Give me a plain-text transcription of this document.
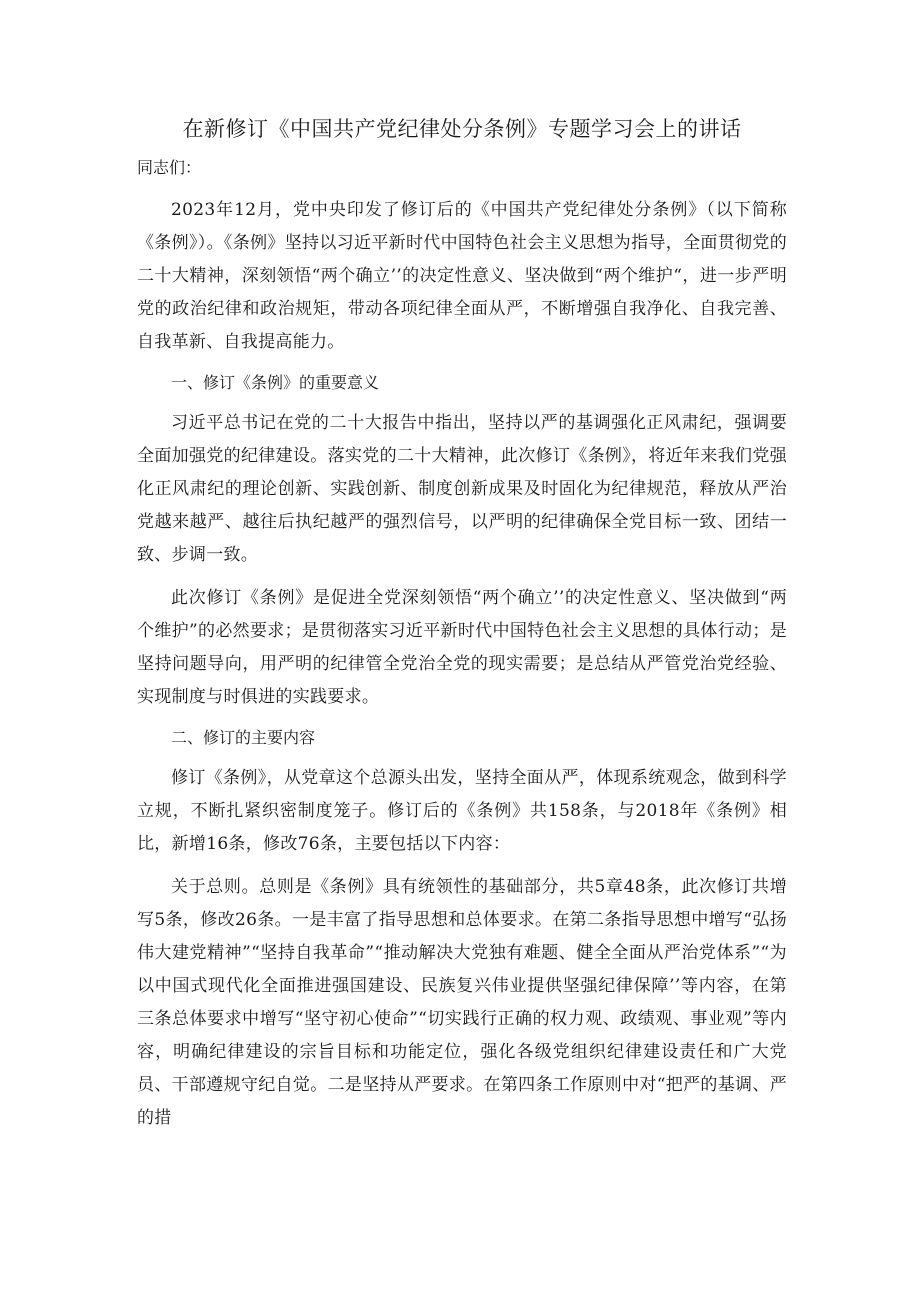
在新修订《中国共产党纪律处分条例》专题学习会上的讲话

同志们：

2023年12月，党中央印发了修订后的《中国共产党纪律处分条例》（以下简称《条例》）。《条例》坚持以习近平新时代中国特色社会主义思想为指导，全面贯彻党的二十大精神，深刻领悟“两个确立’’的决定性意义、坚决做到“两个维护“，进一步严明党的政治纪律和政治规矩，带动各项纪律全面从严，不断增强自我净化、自我完善、自我革新、自我提高能力。

一、修订《条例》的重要意义

习近平总书记在党的二十大报告中指出，坚持以严的基调强化正风肃纪，强调要全面加强党的纪律建设。落实党的二十大精神，此次修订《条例》，将近年来我们党强化正风肃纪的理论创新、实践创新、制度创新成果及时固化为纪律规范，释放从严治党越来越严、越往后执纪越严的强烈信号，以严明的纪律确保全党目标一致、团结一致、步调一致。

此次修订《条例》是促进全党深刻领悟“两个确立’’的决定性意义、坚决做到“两个维护”的必然要求；是贯彻落实习近平新时代中国特色社会主义思想的具体行动；是坚持问题导向，用严明的纪律管全党治全党的现实需要；是总结从严管党治党经验、实现制度与时俱进的实践要求。

二、修订的主要内容

修订《条例》，从党章这个总源头出发，坚持全面从严，体现系统观念，做到科学立规，不断扎紧织密制度笼子。修订后的《条例》共158条，与2018年《条例》相比，新增16条，修改76条，主要包括以下内容：

关于总则。总则是《条例》具有统领性的基础部分，共5章48条，此次修订共增写5条，修改26条。一是丰富了指导思想和总体要求。在第二条指导思想中增写“弘扬伟大建党精神”“坚持自我革命”“推动解决大党独有难题、健全全面从严治党体系”“为以中国式现代化全面推进强国建设、民族复兴伟业提供坚强纪律保障’’等内容，在第三条总体要求中增写“坚守初心使命”“切实践行正确的权力观、政绩观、事业观”等内容，明确纪律建设的宗旨目标和功能定位，强化各级党组织纪律建设责任和广大党员、干部遵规守纪自觉。二是坚持从严要求。在第四条工作原则中对“把严的基调、严的措
